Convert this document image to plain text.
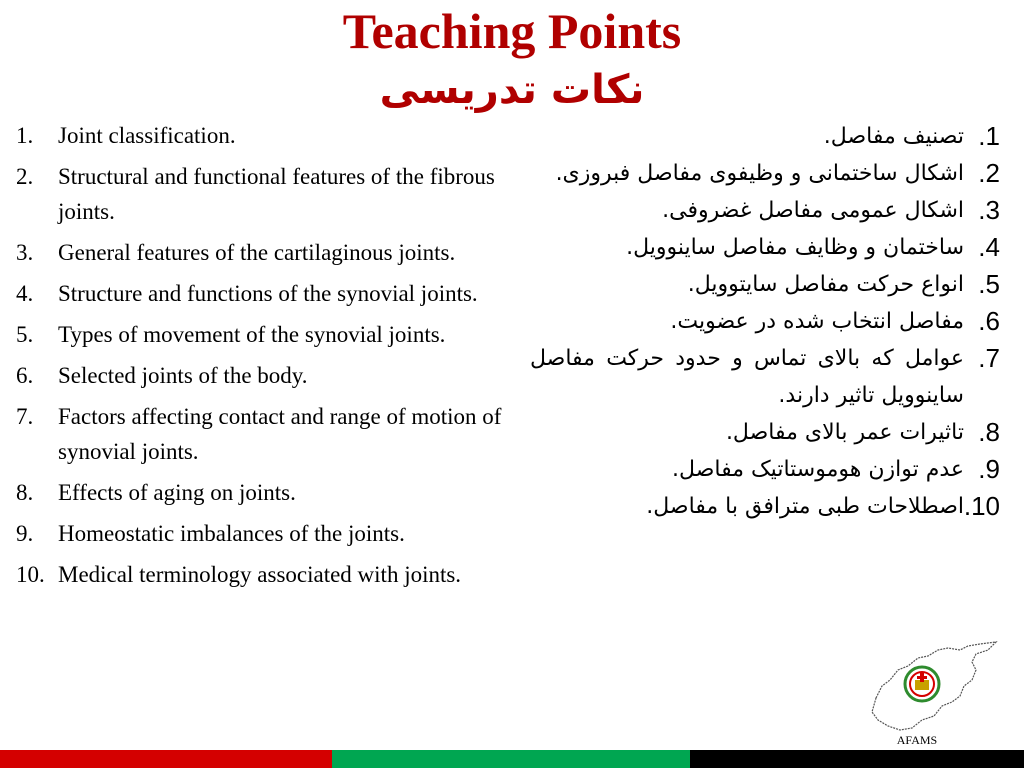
Teaching Points
نکات تدریسی
1.	Joint classification.
2.	Structural and functional features of the fibrous joints.
3.	General features of the cartilaginous joints.
4.	Structure and functions of the synovial joints.
5.	Types of movement of the synovial joints.
6.	Selected joints of the body.
7.	Factors affecting contact and range of motion of synovial joints.
8.	Effects of aging on joints.
9.	Homeostatic imbalances of the joints.
10. Medical terminology associated with joints.
1.
تصنیف مفاصل.
2.
اشکال ساختمانی و وظیفوی مفاصل فبروزی.
3.
اشکال عمومی مفاصل غضروفی.
4.
ساختمان و وظایف مفاصل ساینوویل.
5.
انواع حرکت مفاصل سایتوویل.
6.
مفاصل انتخاب شده در عضویت.
7.
عوامل که بالای تماس و حدود حرکت مفاصل ساینوویل تاثیر دارند.
8.
تاثیرات عمر بالای مفاصل.
9.
عدم توازن هوموستاتیک مفاصل.
10.
اصطلاحات طبی مترافق با مفاصل.
AFAMS
